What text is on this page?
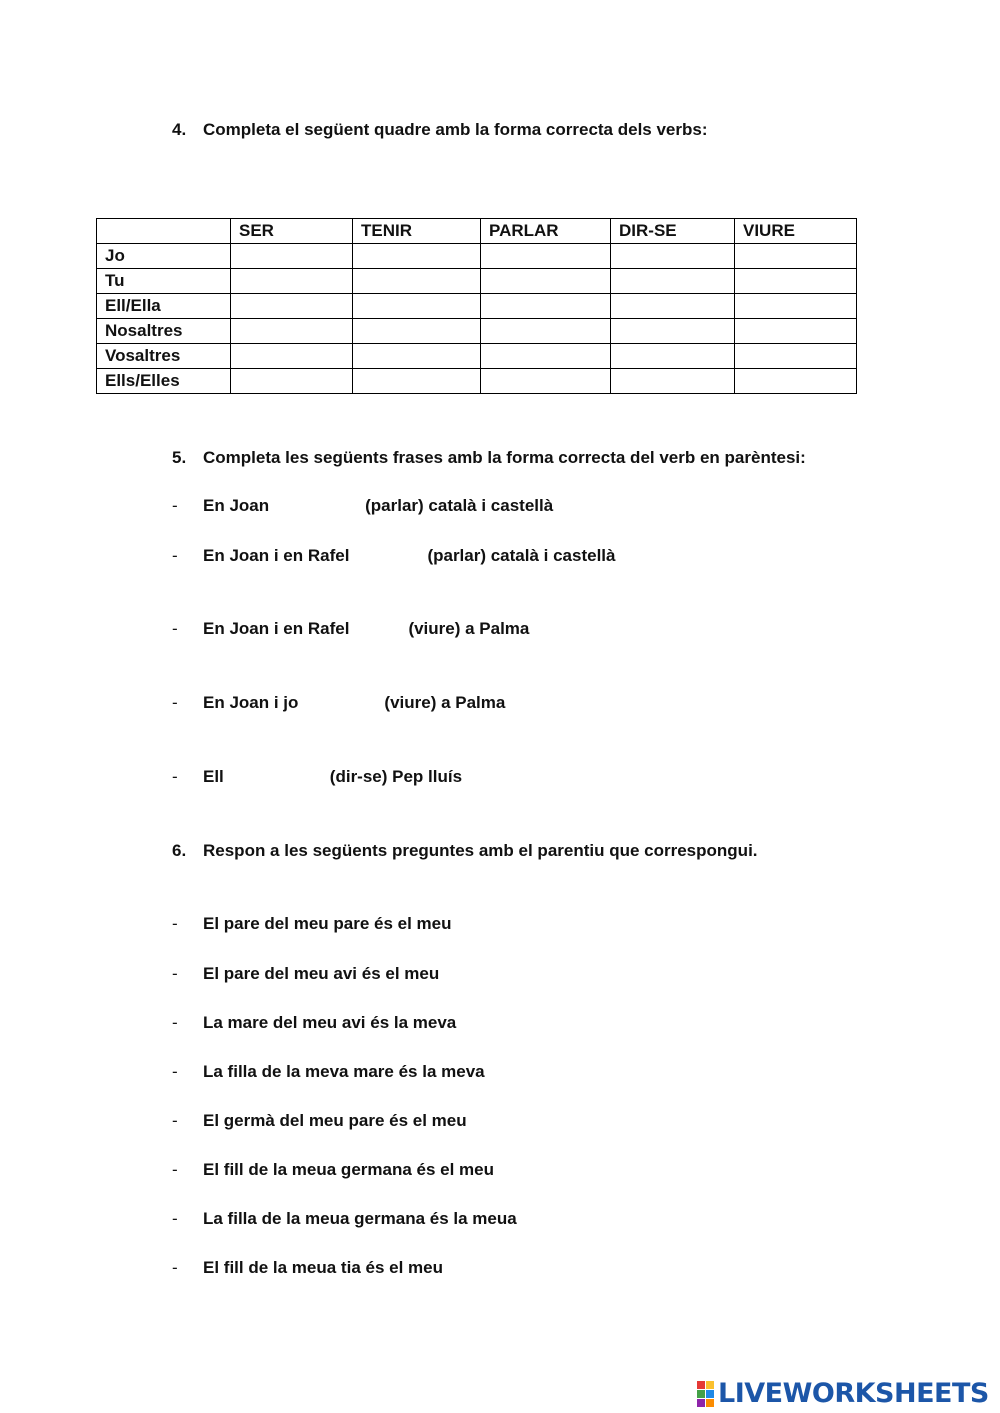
4. Completa el següent quadre amb la forma correcta dels verbs:
	SER	TENIR	PARLAR	DIR-SE	VIURE
Jo					
Tu					
Ell/Ella					
Nosaltres					
Vosaltres					
Ells/Elles					
5. Completa les següents frases amb la forma correcta del verb en parèntesi:
- En Joan	(parlar) català i castellà
- En Joan i en Rafel	(parlar) català i castellà
- En Joan i en Rafel	(viure) a Palma
- En Joan i jo	(viure) a Palma
- Ell	(dir-se) Pep lluís
6. Respon a les següents preguntes amb el parentiu que correspongui.
- El pare del meu pare és el meu
- El pare del meu avi és el meu
- La mare del meu avi és la meva
- La filla de la meva mare és la meva
- El germà del meu pare és el meu
- El fill de la meua germana és el meu
- La filla de la meua germana és la meua
- El fill de la meua tia és el meu
LIVEWORKSHEETS
